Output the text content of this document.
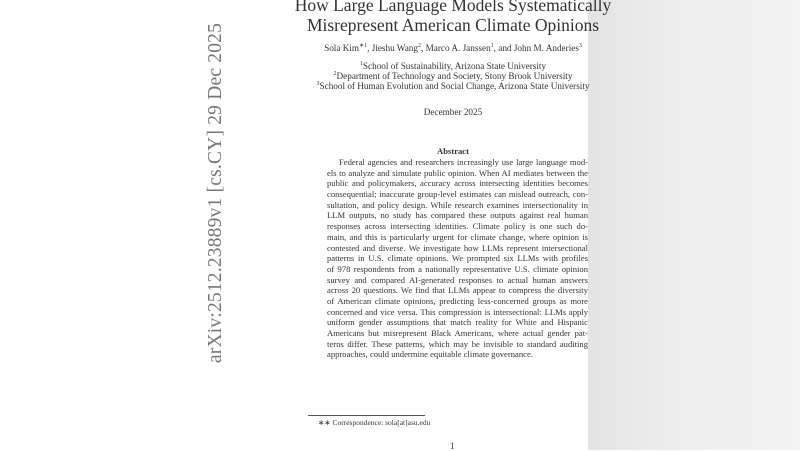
arXiv:2512.23889v1 [cs.CY] 29 Dec 2025
How Large Language Models Systematically
Misrepresent American Climate Opinions
Sola Kim$^{∗1}$, Jieshu Wang$^2$, Marco A. Janssen$^1$, and John M. Anderies$^3$
$^1$School of Sustainability, Arizona State University
$^2$Department of Technology and Society, Stony Brook University
$^3$School of Human Evolution and Social Change, Arizona State University
December 2025
Abstract
Federal agencies and researchers increasingly use large language mod-
els to analyze and simulate public opinion. When AI mediates between the
public and policymakers, accuracy across intersecting identities becomes
consequential; inaccurate group-level estimates can mislead outreach, con-
sultation, and policy design. While research examines intersectionality in
LLM outputs, no study has compared these outputs against real human
responses across intersecting identities. Climate policy is one such do-
main, and this is particularly urgent for climate change, where opinion is
contested and diverse. We investigate how LLMs represent intersectional
patterns in U.S. climate opinions. We prompted six LLMs with profiles
of 978 respondents from a nationally representative U.S. climate opinion
survey and compared AI-generated responses to actual human answers
across 20 questions. We find that LLMs appear to compress the diversity
of American climate opinions, predicting less-concerned groups as more
concerned and vice versa. This compression is intersectional: LLMs apply
uniform gender assumptions that match reality for White and Hispanic
Americans but misrepresent Black Americans, where actual gender pat-
terns differ. These patterns, which may be invisible to standard auditing
approaches, could undermine equitable climate governance.
∗∗ Correspondence: sola[at]asu.edu
1
